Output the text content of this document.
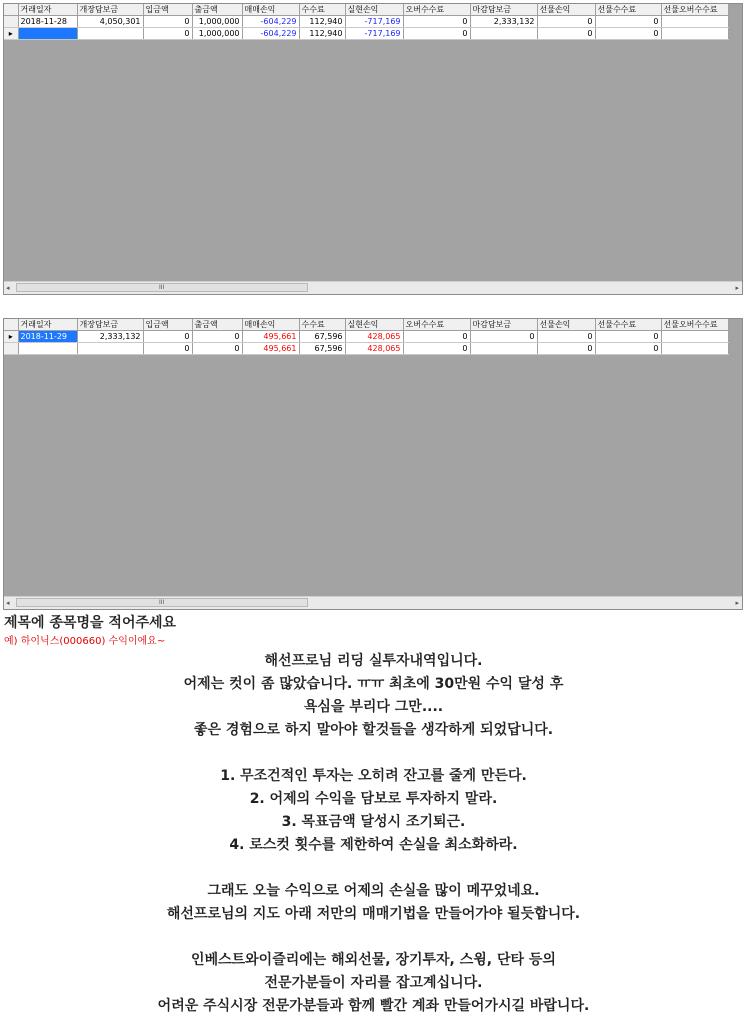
	거래일자	개장담보금	입금액	출금액	매매손익	수수료	실현손익	오버수수료	마감담보금	선물손익	선물수수료	선물오버수수료
	2018-11-28	4,050,301	0	1,000,000	-604,229	112,940	-717,169	0	2,333,132	0	0	
▸			0	1,000,000	-604,229	112,940	-717,169	0		0	0	
◂	III	▸
	거래일자	개장담보금	입금액	출금액	매매손익	수수료	실현손익	오버수수료	마감담보금	선물손익	선물수수료	선물오버수수료
▸	2018-11-29	2,333,132	0	0	495,661	67,596	428,065	0	0	0	0	
			0	0	495,661	67,596	428,065	0		0	0	
◂	III	▸
제목에 종목명을 적어주세요
예) 하이닉스(000660) 수익이에요~
해선프로님 리딩 실투자내역입니다.
어제는 컷이 좀 많았습니다. ㅠㅠ 최초에 30만원 수익 달성 후
욕심을 부리다 그만....
좋은 경험으로 하지 말아야 할것들을 생각하게 되었답니다.
1. 무조건적인 투자는 오히려 잔고를 줄게 만든다.
2. 어제의 수익을 담보로 투자하지 말라.
3. 목표금액 달성시 조기퇴근.
4. 로스컷 횟수를 제한하여 손실을 최소화하라.
그래도 오늘 수익으로 어제의 손실을 많이 메꾸었네요.
해선프로님의 지도 아래 저만의 매매기법을 만들어가야 될듯합니다.
인베스트와이즐리에는 해외선물, 장기투자, 스윙, 단타 등의
전문가분들이 자리를 잡고계십니다.
어려운 주식시장 전문가분들과 함께 빨간 계좌 만들어가시길 바랍니다.
